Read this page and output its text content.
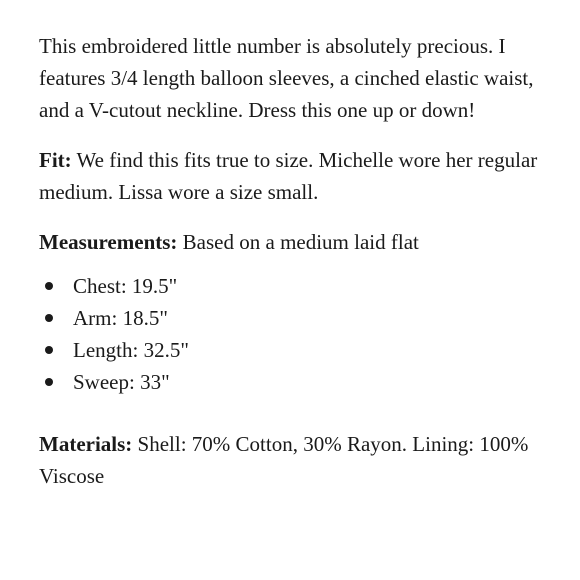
This embroidered little number is absolutely precious. I features 3/4 length balloon sleeves, a cinched elastic waist, and a V-cutout neckline. Dress this one up or down!

Fit: We find this fits true to size. Michelle wore her regular medium. Lissa wore a size small.

Measurements: Based on a medium laid flat

Chest: 19.5"
Arm: 18.5"
Length: 32.5"
Sweep: 33"

Materials: Shell: 70% Cotton, 30% Rayon. Lining: 100% Viscose
